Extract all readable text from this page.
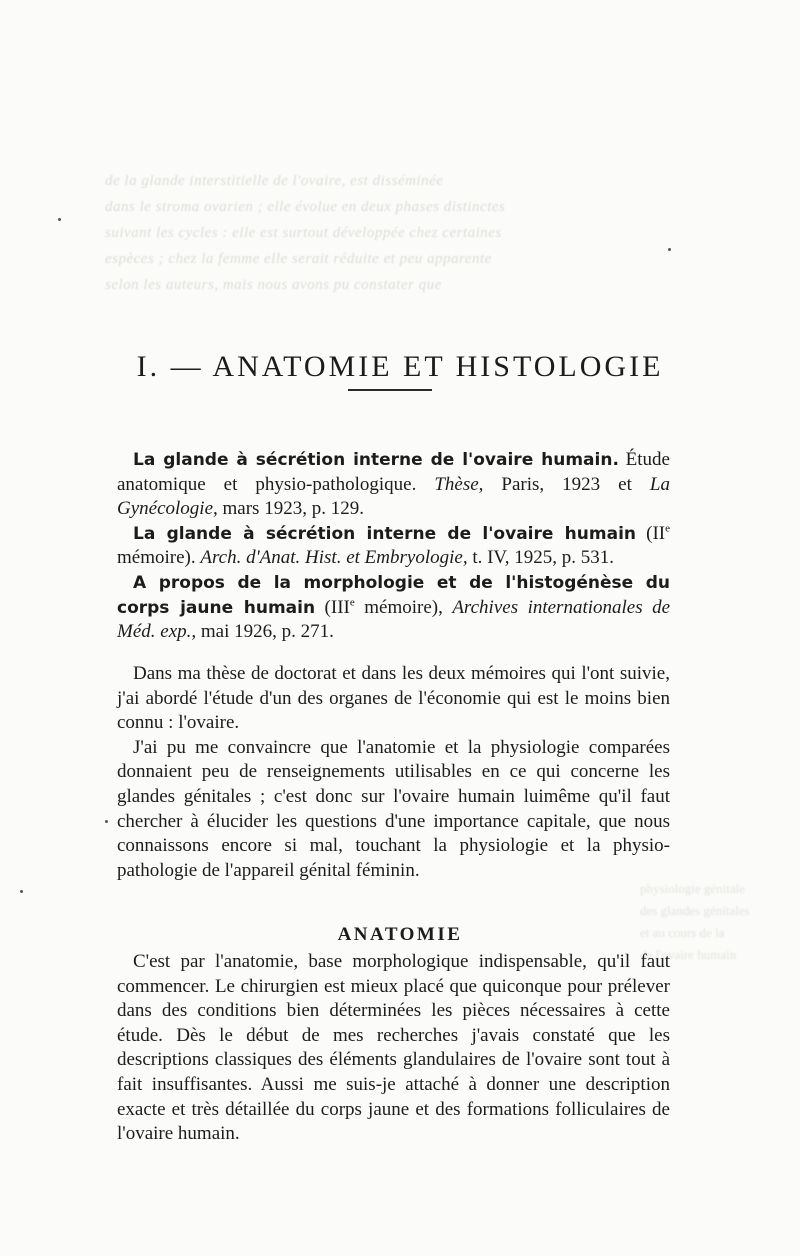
de la glande interstitielle de l'ovaire, est disséminée
dans le stroma ovarien ; elle évolue en deux phases distinctes
suivant les cycles : elle est surtout développée chez certaines
espèces ; chez la femme elle serait réduite et peu apparente
selon les auteurs, mais nous avons pu constater que
physiologie génitale
des glandes génitales
et au cours de la
de l'ovaire humain
I. — ANATOMIE ET HISTOLOGIE

La glande à sécrétion interne de l'ovaire humain. Étude anatomique et physio-pathologique. Thèse, Paris, 1923 et La Gynécologie, mars 1923, p. 129.

La glande à sécrétion interne de l'ovaire humain (IIe mémoire). Arch. d'Anat. Hist. et Embryologie, t. IV, 1925, p. 531.

A propos de la morphologie et de l'histogénèse du corps jaune humain (IIIe mémoire), Archives internationales de Méd. exp., mai 1926, p. 271.

Dans ma thèse de doctorat et dans les deux mémoires qui l'ont suivie, j'ai abordé l'étude d'un des organes de l'économie qui est le moins bien connu : l'ovaire.

J'ai pu me convaincre que l'anatomie et la physiologie comparées donnaient peu de renseignements utilisables en ce qui concerne les glandes génitales ; c'est donc sur l'ovaire humain luimême qu'il faut chercher à élucider les questions d'une importance capitale, que nous connaissons encore si mal, touchant la physiologie et la physio-pathologie de l'appareil génital féminin.

ANATOMIE

C'est par l'anatomie, base morphologique indispensable, qu'il faut commencer. Le chirurgien est mieux placé que quiconque pour prélever dans des conditions bien déterminées les pièces nécessaires à cette étude. Dès le début de mes recherches j'avais constaté que les descriptions classiques des éléments glandulaires de l'ovaire sont tout à fait insuffisantes. Aussi me suis-je attaché à donner une description exacte et très détaillée du corps jaune et des formations folliculaires de l'ovaire humain.
